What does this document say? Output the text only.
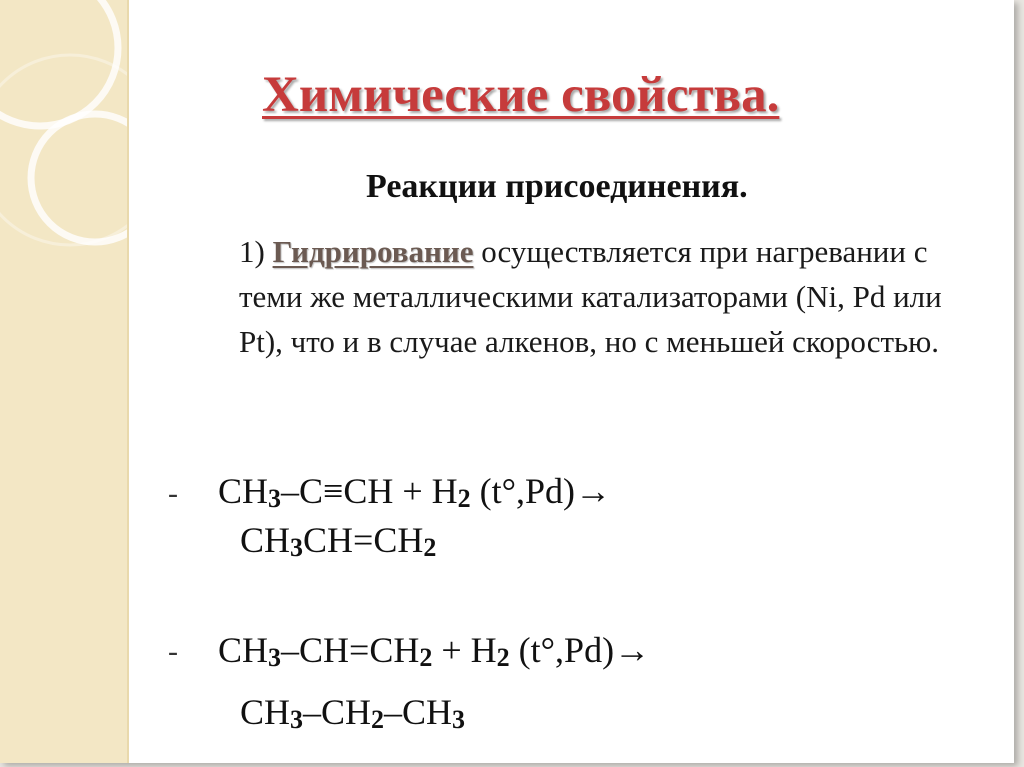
Химические свойства.
Реакции присоединения.

1) Гидрирование осуществляется при нагревании с теми же металлическими катализаторами (Ni, Pd или Pt), что и в случае алкенов, но с меньшей скоростью.

- CH3–C≡CH + H2 (t°,Pd)→
CH3CH=CH2
- CH3–CH=CH2 + H2 (t°,Pd)→
CH3–CH2–CH3
